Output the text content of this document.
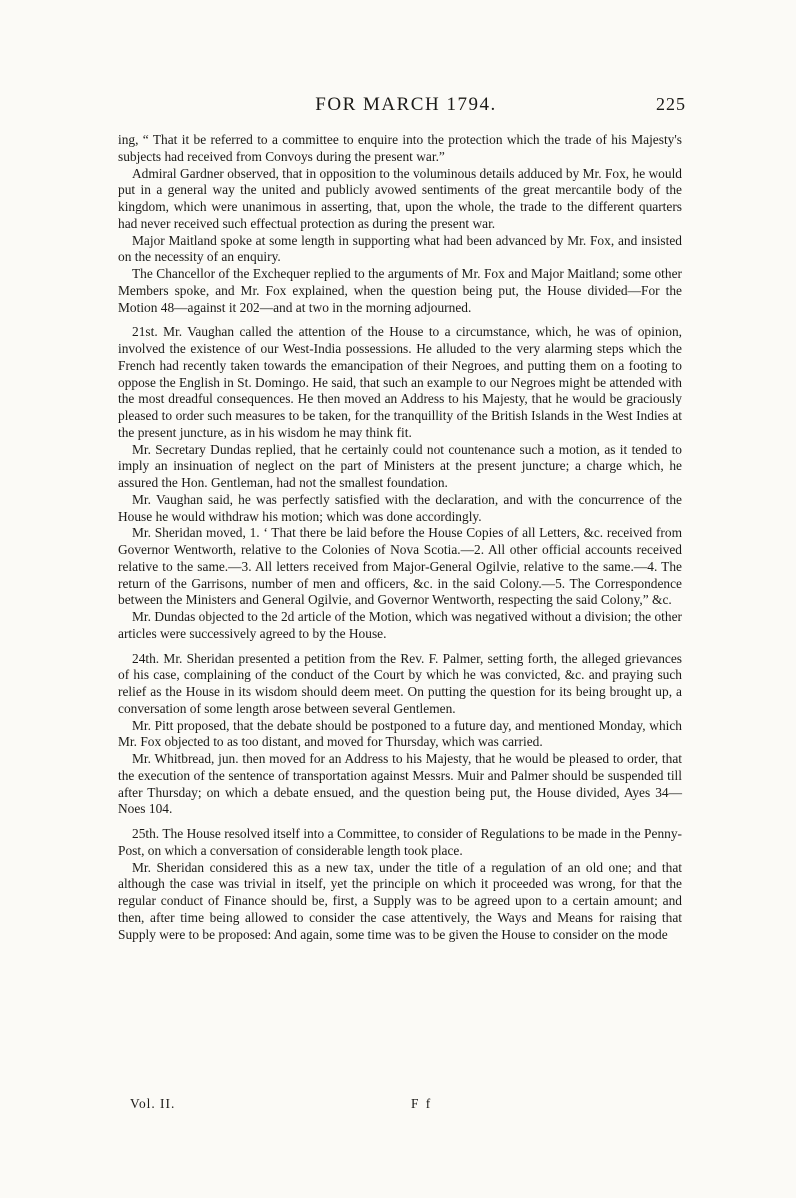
FOR MARCH 1794.	225

ing, “ That it be referred to a committee to enquire into the protection which the trade of his Majesty's subjects had received from Convoys during the present war.”

Admiral Gardner observed, that in opposition to the voluminous details adduced by Mr. Fox, he would put in a general way the united and publicly avowed sentiments of the great mercantile body of the kingdom, which were unanimous in asserting, that, upon the whole, the trade to the different quarters had never received such effectual protection as during the present war.

Major Maitland spoke at some length in supporting what had been advanced by Mr. Fox, and insisted on the necessity of an enquiry.

The Chancellor of the Exchequer replied to the arguments of Mr. Fox and Major Maitland; some other Members spoke, and Mr. Fox explained, when the question being put, the House divided—For the Motion 48—against it 202—and at two in the morning adjourned.

21st. Mr. Vaughan called the attention of the House to a circumstance, which, he was of opinion, involved the existence of our West-India possessions. He alluded to the very alarming steps which the French had recently taken towards the emancipation of their Negroes, and putting them on a footing to oppose the English in St. Domingo. He said, that such an example to our Negroes might be attended with the most dreadful consequences. He then moved an Address to his Majesty, that he would be graciously pleased to order such measures to be taken, for the tranquillity of the British Islands in the West Indies at the present juncture, as in his wisdom he may think fit.

Mr. Secretary Dundas replied, that he certainly could not countenance such a motion, as it tended to imply an insinuation of neglect on the part of Ministers at the present juncture; a charge which, he assured the Hon. Gentleman, had not the smallest foundation.

Mr. Vaughan said, he was perfectly satisfied with the declaration, and with the concurrence of the House he would withdraw his motion; which was done accordingly.

Mr. Sheridan moved, 1. ‘ That there be laid before the House Copies of all Letters, &c. received from Governor Wentworth, relative to the Colonies of Nova Scotia.—2. All other official accounts received relative to the same.—3. All letters received from Major-General Ogilvie, relative to the same.—4. The return of the Garrisons, number of men and officers, &c. in the said Colony.—5. The Correspondence between the Ministers and General Ogilvie, and Governor Wentworth, respecting the said Colony,” &c.

Mr. Dundas objected to the 2d article of the Motion, which was negatived without a division; the other articles were successively agreed to by the House.

24th. Mr. Sheridan presented a petition from the Rev. F. Palmer, setting forth, the alleged grievances of his case, complaining of the conduct of the Court by which he was convicted, &c. and praying such relief as the House in its wisdom should deem meet. On putting the question for its being brought up, a conversation of some length arose between several Gentlemen.

Mr. Pitt proposed, that the debate should be postponed to a future day, and mentioned Monday, which Mr. Fox objected to as too distant, and moved for Thursday, which was carried.

Mr. Whitbread, jun. then moved for an Address to his Majesty, that he would be pleased to order, that the execution of the sentence of transportation against Messrs. Muir and Palmer should be suspended till after Thursday; on which a debate ensued, and the question being put, the House divided, Ayes 34—Noes 104.

25th. The House resolved itself into a Committee, to consider of Regulations to be made in the Penny-Post, on which a conversation of considerable length took place.

Mr. Sheridan considered this as a new tax, under the title of a regulation of an old one; and that although the case was trivial in itself, yet the principle on which it proceeded was wrong, for that the regular conduct of Finance should be, first, a Supply was to be agreed upon to a certain amount; and then, after time being allowed to consider the case attentively, the Ways and Means for raising that Supply were to be proposed: And again, some time was to be given the House to consider on the mode

Vol. II.	F f
